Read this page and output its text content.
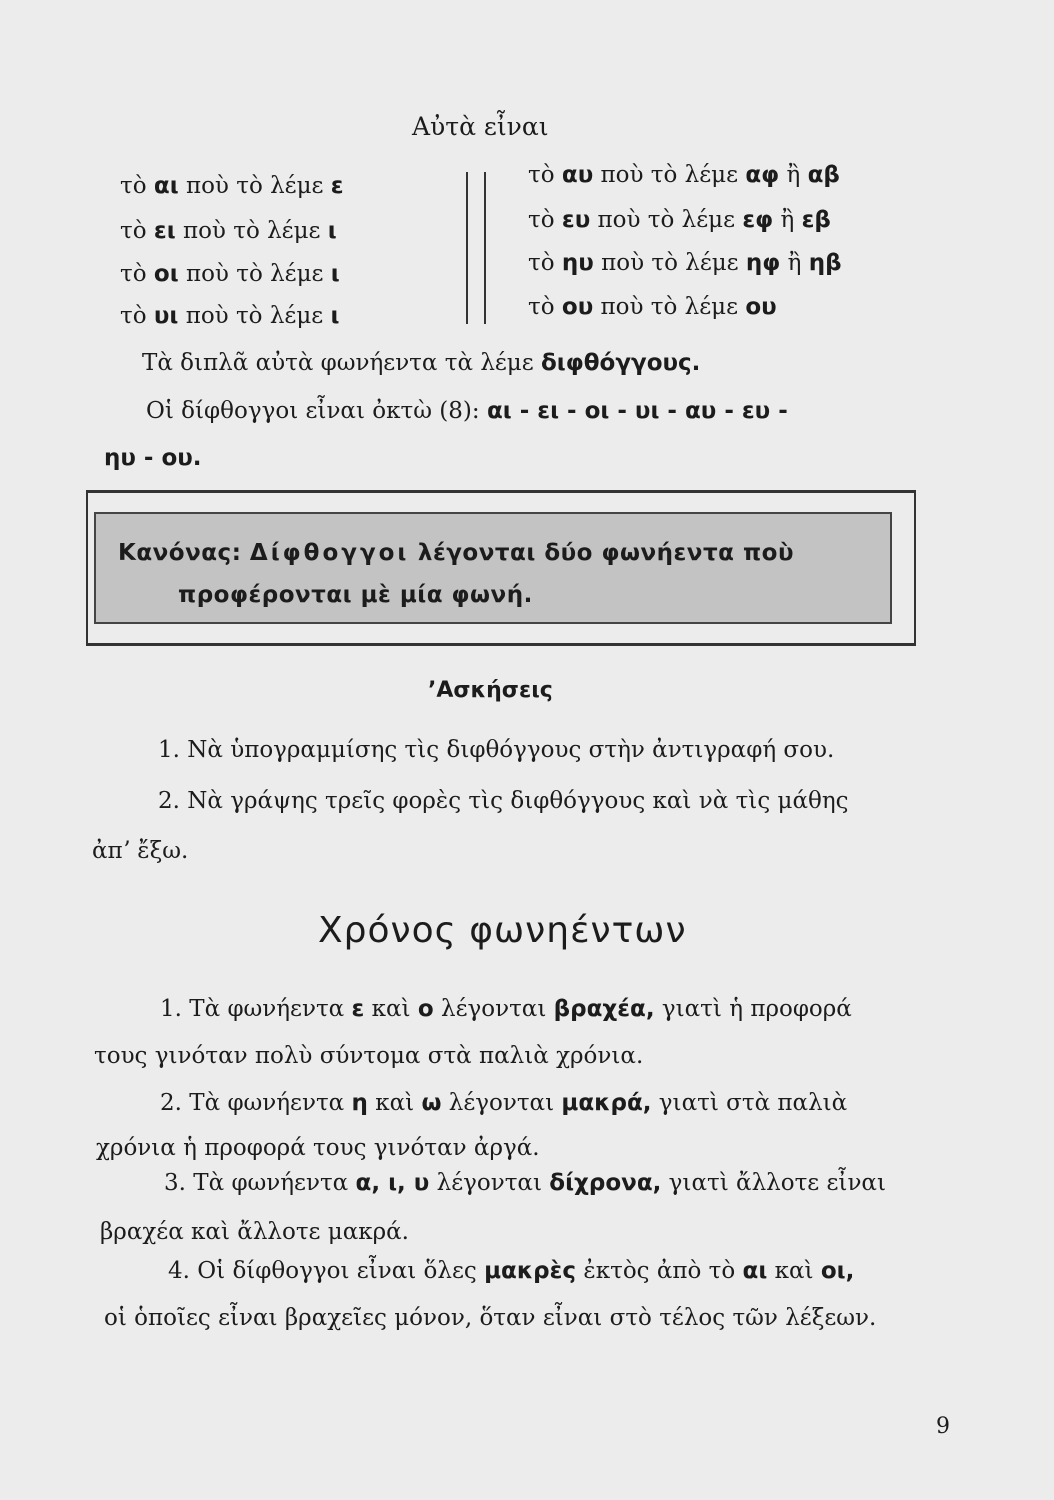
Αὐτὰ εἶναι
τὸ αι ποὺ τὸ λέμε ε
τὸ ει ποὺ τὸ λέμε ι
τὸ οι ποὺ τὸ λέμε ι
τὸ υι ποὺ τὸ λέμε ι
τὸ αυ ποὺ τὸ λέμε αφ ἢ αβ
τὸ ευ ποὺ τὸ λέμε εφ ἢ εβ
τὸ ηυ ποὺ τὸ λέμε ηφ ἢ ηβ
τὸ ου ποὺ τὸ λέμε ου
Τὰ διπλᾶ αὐτὰ φωνήεντα τὰ λέμε διφθόγγους.
Οἱ δίφθογγοι εἶναι ὀκτὼ (8): αι - ει - οι - υι - αυ - ευ -
ηυ - ου.
Κανόνας: Δίφθογγοι λέγονται δύο φωνήεντα ποὺ
προφέρονται μὲ μία φωνή.
ʼΑσκήσεις
1. Νὰ ὑπογραμμίσης τὶς διφθόγγους στὴν ἀντιγραφή σου.
2. Νὰ γράψης τρεῖς φορὲς τὶς διφθόγγους καὶ νὰ τὶς μάθης
ἀπʼ ἔξω.
Χρόνος φωνηέντων
1. Τὰ φωνήεντα ε καὶ ο λέγονται βραχέα, γιατὶ ἡ προφορά
τους γινόταν πολὺ σύντομα στὰ παλιὰ χρόνια.
2. Τὰ φωνήεντα η καὶ ω λέγονται μακρά, γιατὶ στὰ παλιὰ
χρόνια ἡ προφορά τους γινόταν ἀργά.
3. Τὰ φωνήεντα α, ι, υ λέγονται δίχρονα, γιατὶ ἄλλοτε εἶναι
βραχέα καὶ ἄλλοτε μακρά.
4. Οἱ δίφθογγοι εἶναι ὅλες μακρὲς ἐκτὸς ἀπὸ τὸ αι καὶ οι,
οἱ ὁποῖες εἶναι βραχεῖες μόνον, ὅταν εἶναι στὸ τέλος τῶν λέξεων.
9
